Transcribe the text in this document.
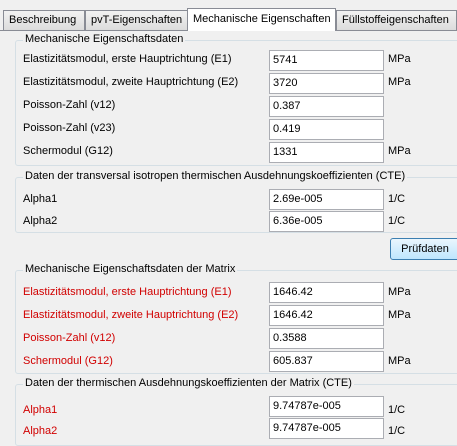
Beschreibung	pvT-Eigenschaften Mechanische Eigenschaften	Füllstoffeigenschaften
Mechanische Eigenschaftsdaten
Elastizitätsmodul, erste Hauptrichtung (E1)	5741	MPa
Elastizitätsmodul, zweite Hauptrichtung (E2)	3720	MPa
Poisson-Zahl (v12)	0.387
Poisson-Zahl (v23)	0.419
Schermodul (G12)	1331	MPa
Daten der transversal isotropen thermischen Ausdehnungskoeffizienten (CTE)
Alpha1	2.69e-005	1/C
Alpha2	6.36e-005	1/C
Prüfdaten
Mechanische Eigenschaftsdaten der Matrix
Elastizitätsmodul, erste Hauptrichtung (E1)	1646.42	MPa
Elastizitätsmodul, zweite Hauptrichtung (E2)	1646.42	MPa
Poisson-Zahl (v12)	0.3588
Schermodul (G12)	605.837	MPa
Daten der thermischen Ausdehnungskoeffizienten der Matrix (CTE)
Alpha1	9.74787e-005	1/C
Alpha2	9.74787e-005	1/C
